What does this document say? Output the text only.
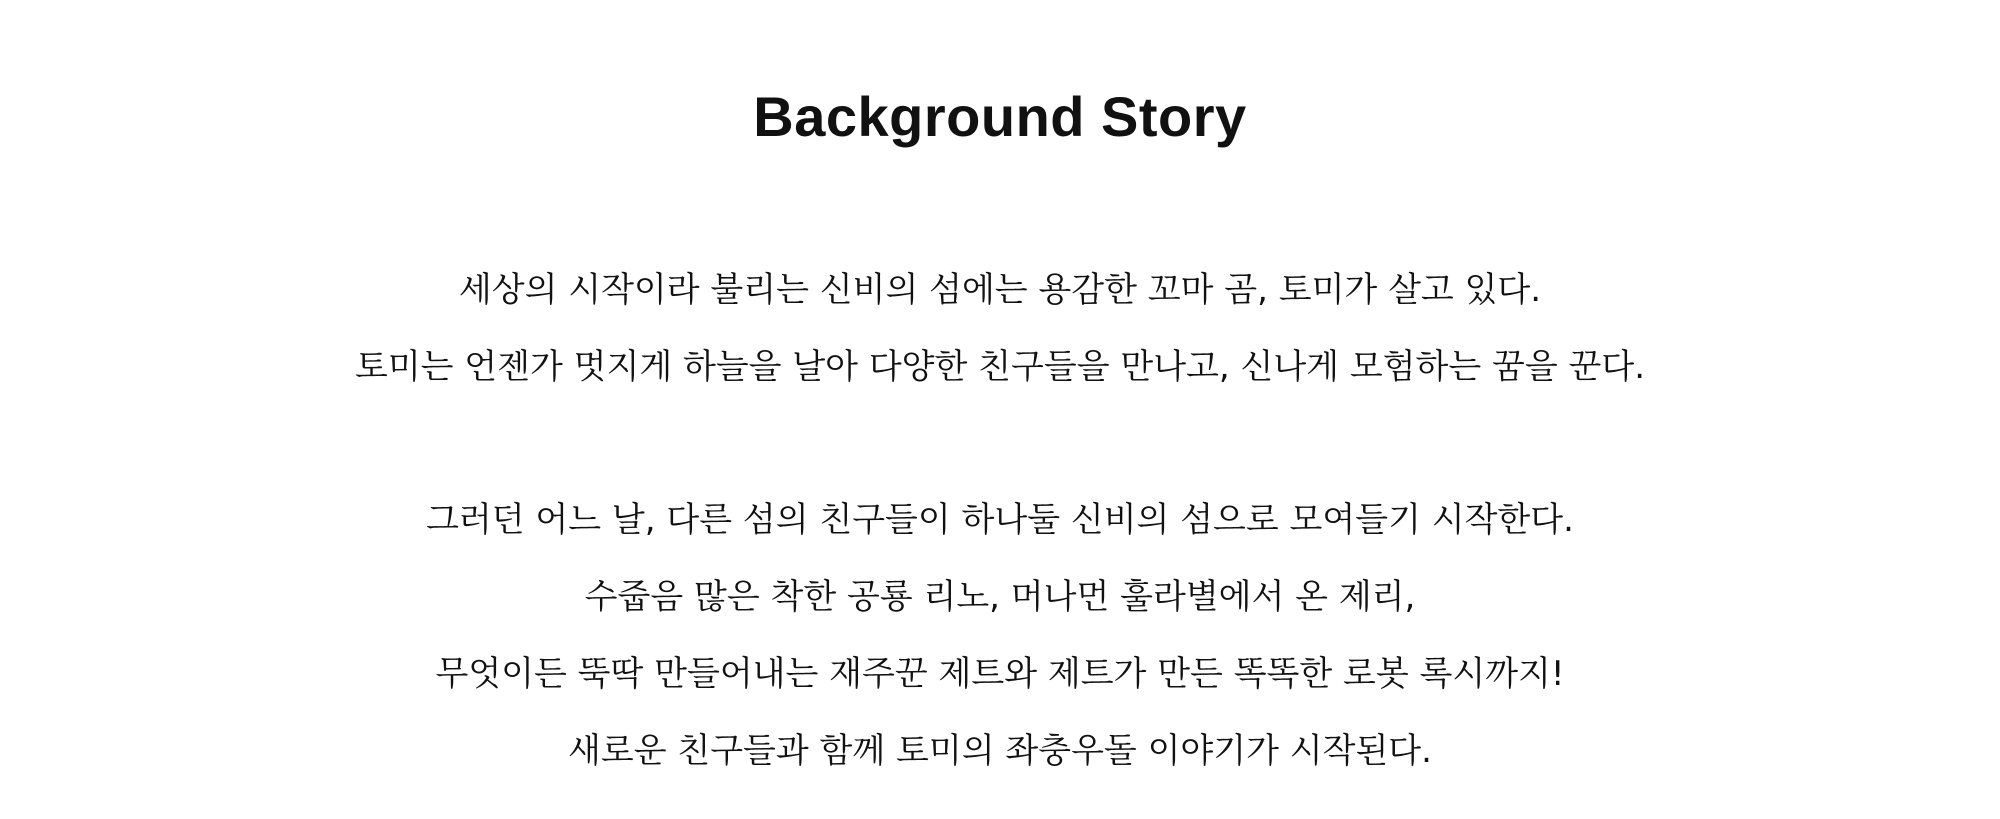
Background Story

세상의 시작이라 불리는 신비의 섬에는 용감한 꼬마 곰, 토미가 살고 있다.
토미는 언젠가 멋지게 하늘을 날아 다양한 친구들을 만나고, 신나게 모험하는 꿈을 꾼다.

그러던 어느 날, 다른 섬의 친구들이 하나둘 신비의 섬으로 모여들기 시작한다.
수줍음 많은 착한 공룡 리노, 머나먼 훌라별에서 온 제리,
무엇이든 뚝딱 만들어내는 재주꾼 제트와 제트가 만든 똑똑한 로봇 록시까지!
새로운 친구들과 함께 토미의 좌충우돌 이야기가 시작된다.
